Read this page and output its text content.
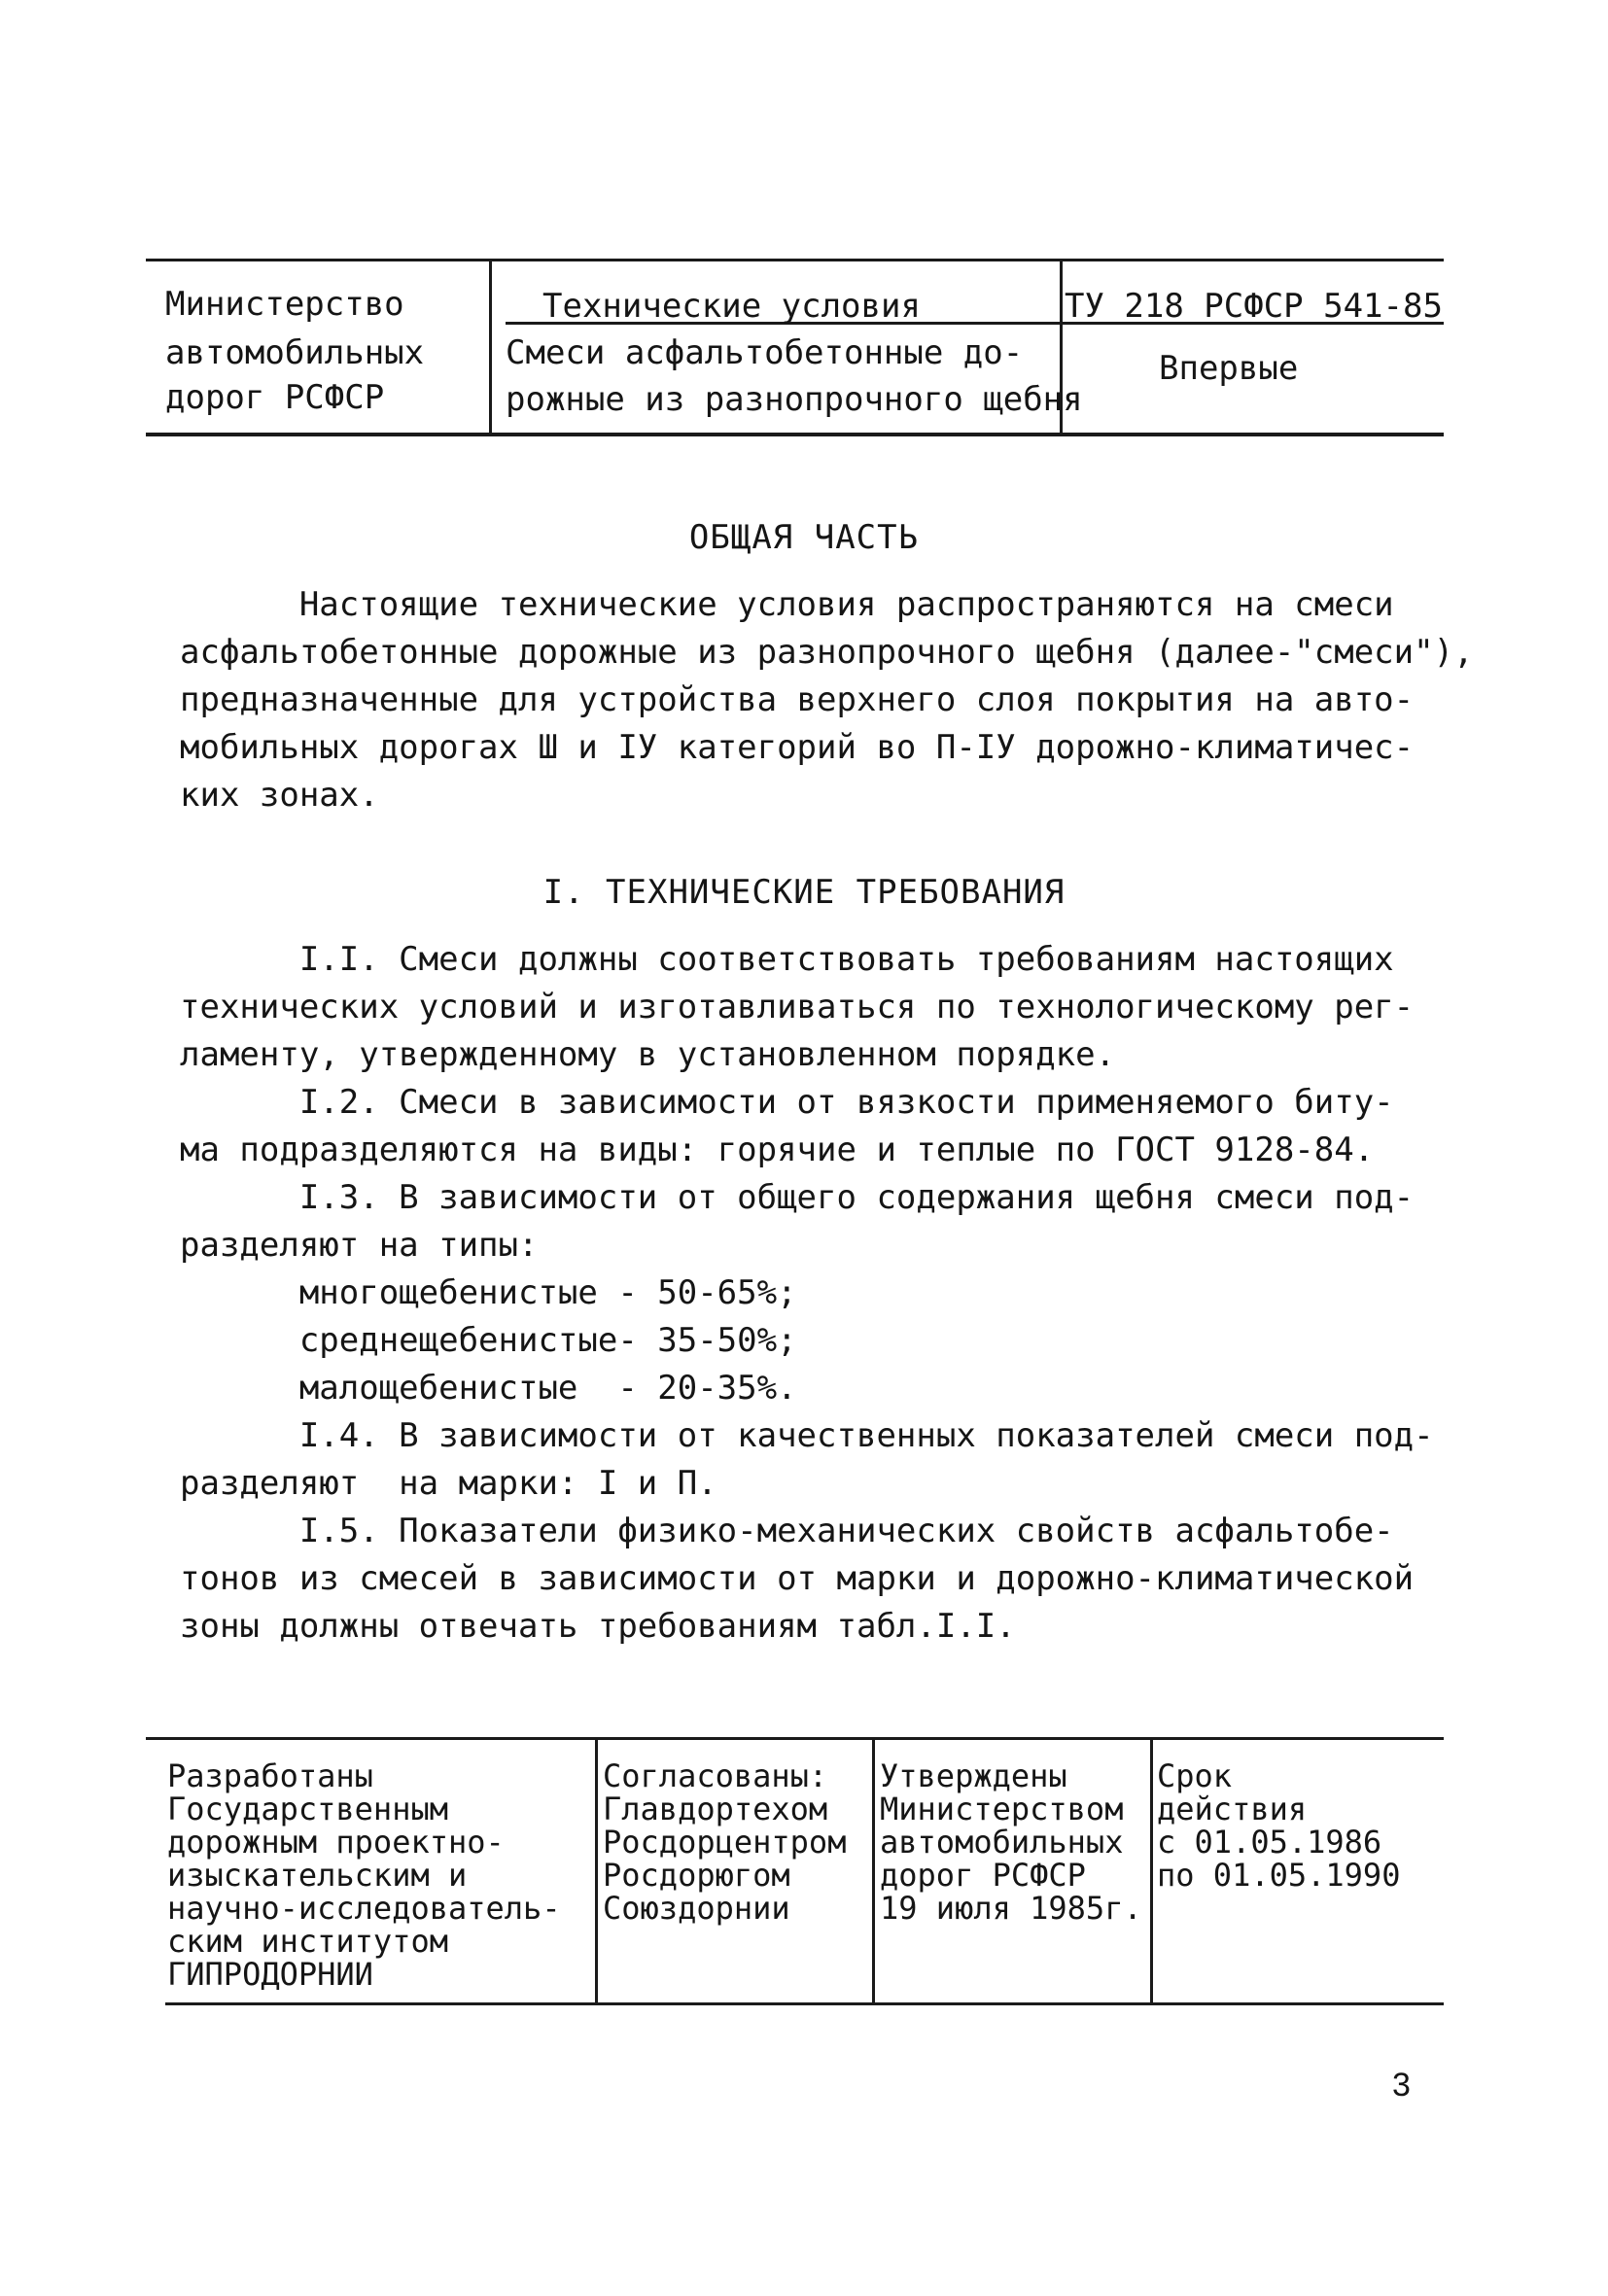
Министерство
автомобильных
дорог РСФСР
Технические условия
Смеси асфальтобетонные до-
рожные из разнопрочного щебня
ТУ 218 РСФСР 541-85
Впервые
ОБЩАЯ ЧАСТЬ

Настоящие технические условия распространяются на смеси

асфальтобетонные дорожные из разнопрочного щебня (далее-"смеси"),

предназначенные для устройства верхнего слоя покрытия на авто-

мобильных дорогах Ш и IУ категорий во П-IУ дорожно-климатичес-

ких зонах.

I. ТЕХНИЧЕСКИЕ ТРЕБОВАНИЯ

I.I. Смеси должны соответствовать требованиям настоящих

технических условий и изготавливаться по технологическому рег-

ламенту, утвержденному в установленном порядке.

I.2. Смеси в зависимости от вязкости применяемого биту-

ма подразделяются на виды: горячие и теплые по ГОСТ 9128-84.

I.3. В зависимости от общего содержания щебня смеси под-

разделяют на типы:

многощебенистые - 50-65%;

среднещебенистые- 35-50%;

малощебенистые  - 20-35%.

I.4. В зависимости от качественных показателей смеси под-

разделяют  на марки: I и П.

I.5. Показатели физико-механических свойств асфальтобе-

тонов из смесей в зависимости от марки и дорожно-климатической

зоны должны отвечать требованиям табл.I.I.

Разработаны
Государственным
дорожным проектно-
изыскательским и
научно-исследователь-
ским институтом
ГИПРОДОРНИИ
Согласованы:
Главдортехом
Росдорцентром
Росдорюгом
Союздорнии
Утверждены
Министерством
автомобильных
дорог РСФСР
19 июля 1985г.
Срок
действия
с 01.05.1986
по 01.05.1990
3
